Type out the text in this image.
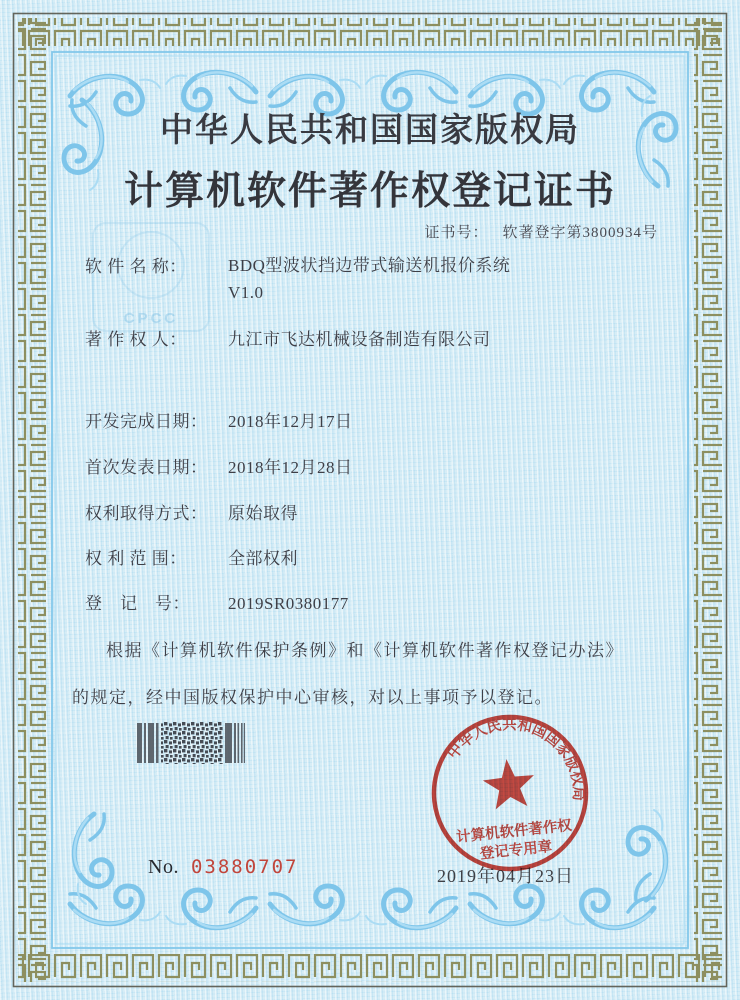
CPCC
中华人民共和国国家版权局
计算机软件著作权登记证书
证书号： 软著登字第3800934号
软 件 名 称： BDQ型波状挡边带式输送机报价系统
V1.0
著 作 权 人： 九江市飞达机械设备制造有限公司
开发完成日期： 2018年12月17日
首次发表日期： 2018年12月28日
权利取得方式： 原始取得
权 利 范 围： 全部权利
登　记　号： 2019SR0380177

根据《计算机软件保护条例》和《计算机软件著作权登记办法》的规定，经中国版权保护中心审核，对以上事项予以登记。

No. 03880707	2019年04月23日
中华人民共和国国家版权局
计算机软件著作权
登记专用章
